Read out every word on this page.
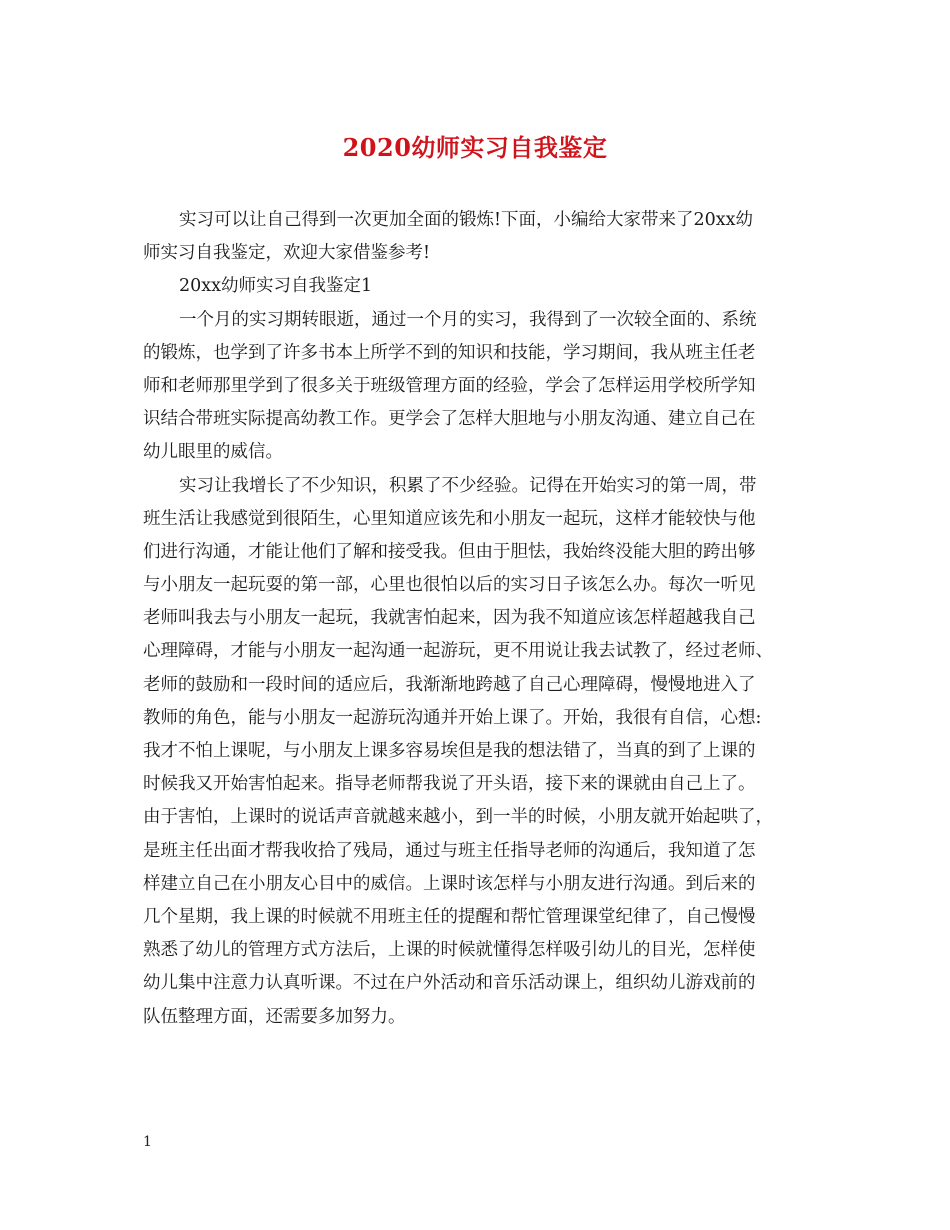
2020幼师实习自我鉴定
实习可以让自己得到一次更加全面的锻炼!下面，小编给大家带来了20xx幼
师实习自我鉴定，欢迎大家借鉴参考!
20xx幼师实习自我鉴定1
一个月的实习期转眼逝，通过一个月的实习，我得到了一次较全面的、系统
的锻炼，也学到了许多书本上所学不到的知识和技能，学习期间，我从班主任老
师和老师那里学到了很多关于班级管理方面的经验，学会了怎样运用学校所学知
识结合带班实际提高幼教工作。更学会了怎样大胆地与小朋友沟通、建立自己在
幼儿眼里的威信。
实习让我增长了不少知识，积累了不少经验。记得在开始实习的第一周，带
班生活让我感觉到很陌生，心里知道应该先和小朋友一起玩，这样才能较快与他
们进行沟通，才能让他们了解和接受我。但由于胆怯，我始终没能大胆的跨出够
与小朋友一起玩耍的第一部，心里也很怕以后的实习日子该怎么办。每次一听见
老师叫我去与小朋友一起玩，我就害怕起来，因为我不知道应该怎样超越我自己
心理障碍，才能与小朋友一起沟通一起游玩，更不用说让我去试教了，经过老师、
老师的鼓励和一段时间的适应后，我渐渐地跨越了自己心理障碍，慢慢地进入了
教师的角色，能与小朋友一起游玩沟通并开始上课了。开始，我很有自信，心想:
我才不怕上课呢，与小朋友上课多容易埃但是我的想法错了，当真的到了上课的
时候我又开始害怕起来。指导老师帮我说了开头语，接下来的课就由自己上了。
由于害怕，上课时的说话声音就越来越小，到一半的时候，小朋友就开始起哄了，
是班主任出面才帮我收拾了残局，通过与班主任指导老师的沟通后，我知道了怎
样建立自己在小朋友心目中的威信。上课时该怎样与小朋友进行沟通。到后来的
几个星期，我上课的时候就不用班主任的提醒和帮忙管理课堂纪律了，自己慢慢
熟悉了幼儿的管理方式方法后，上课的时候就懂得怎样吸引幼儿的目光，怎样使
幼儿集中注意力认真听课。不过在户外活动和音乐活动课上，组织幼儿游戏前的
队伍整理方面，还需要多加努力。
1
